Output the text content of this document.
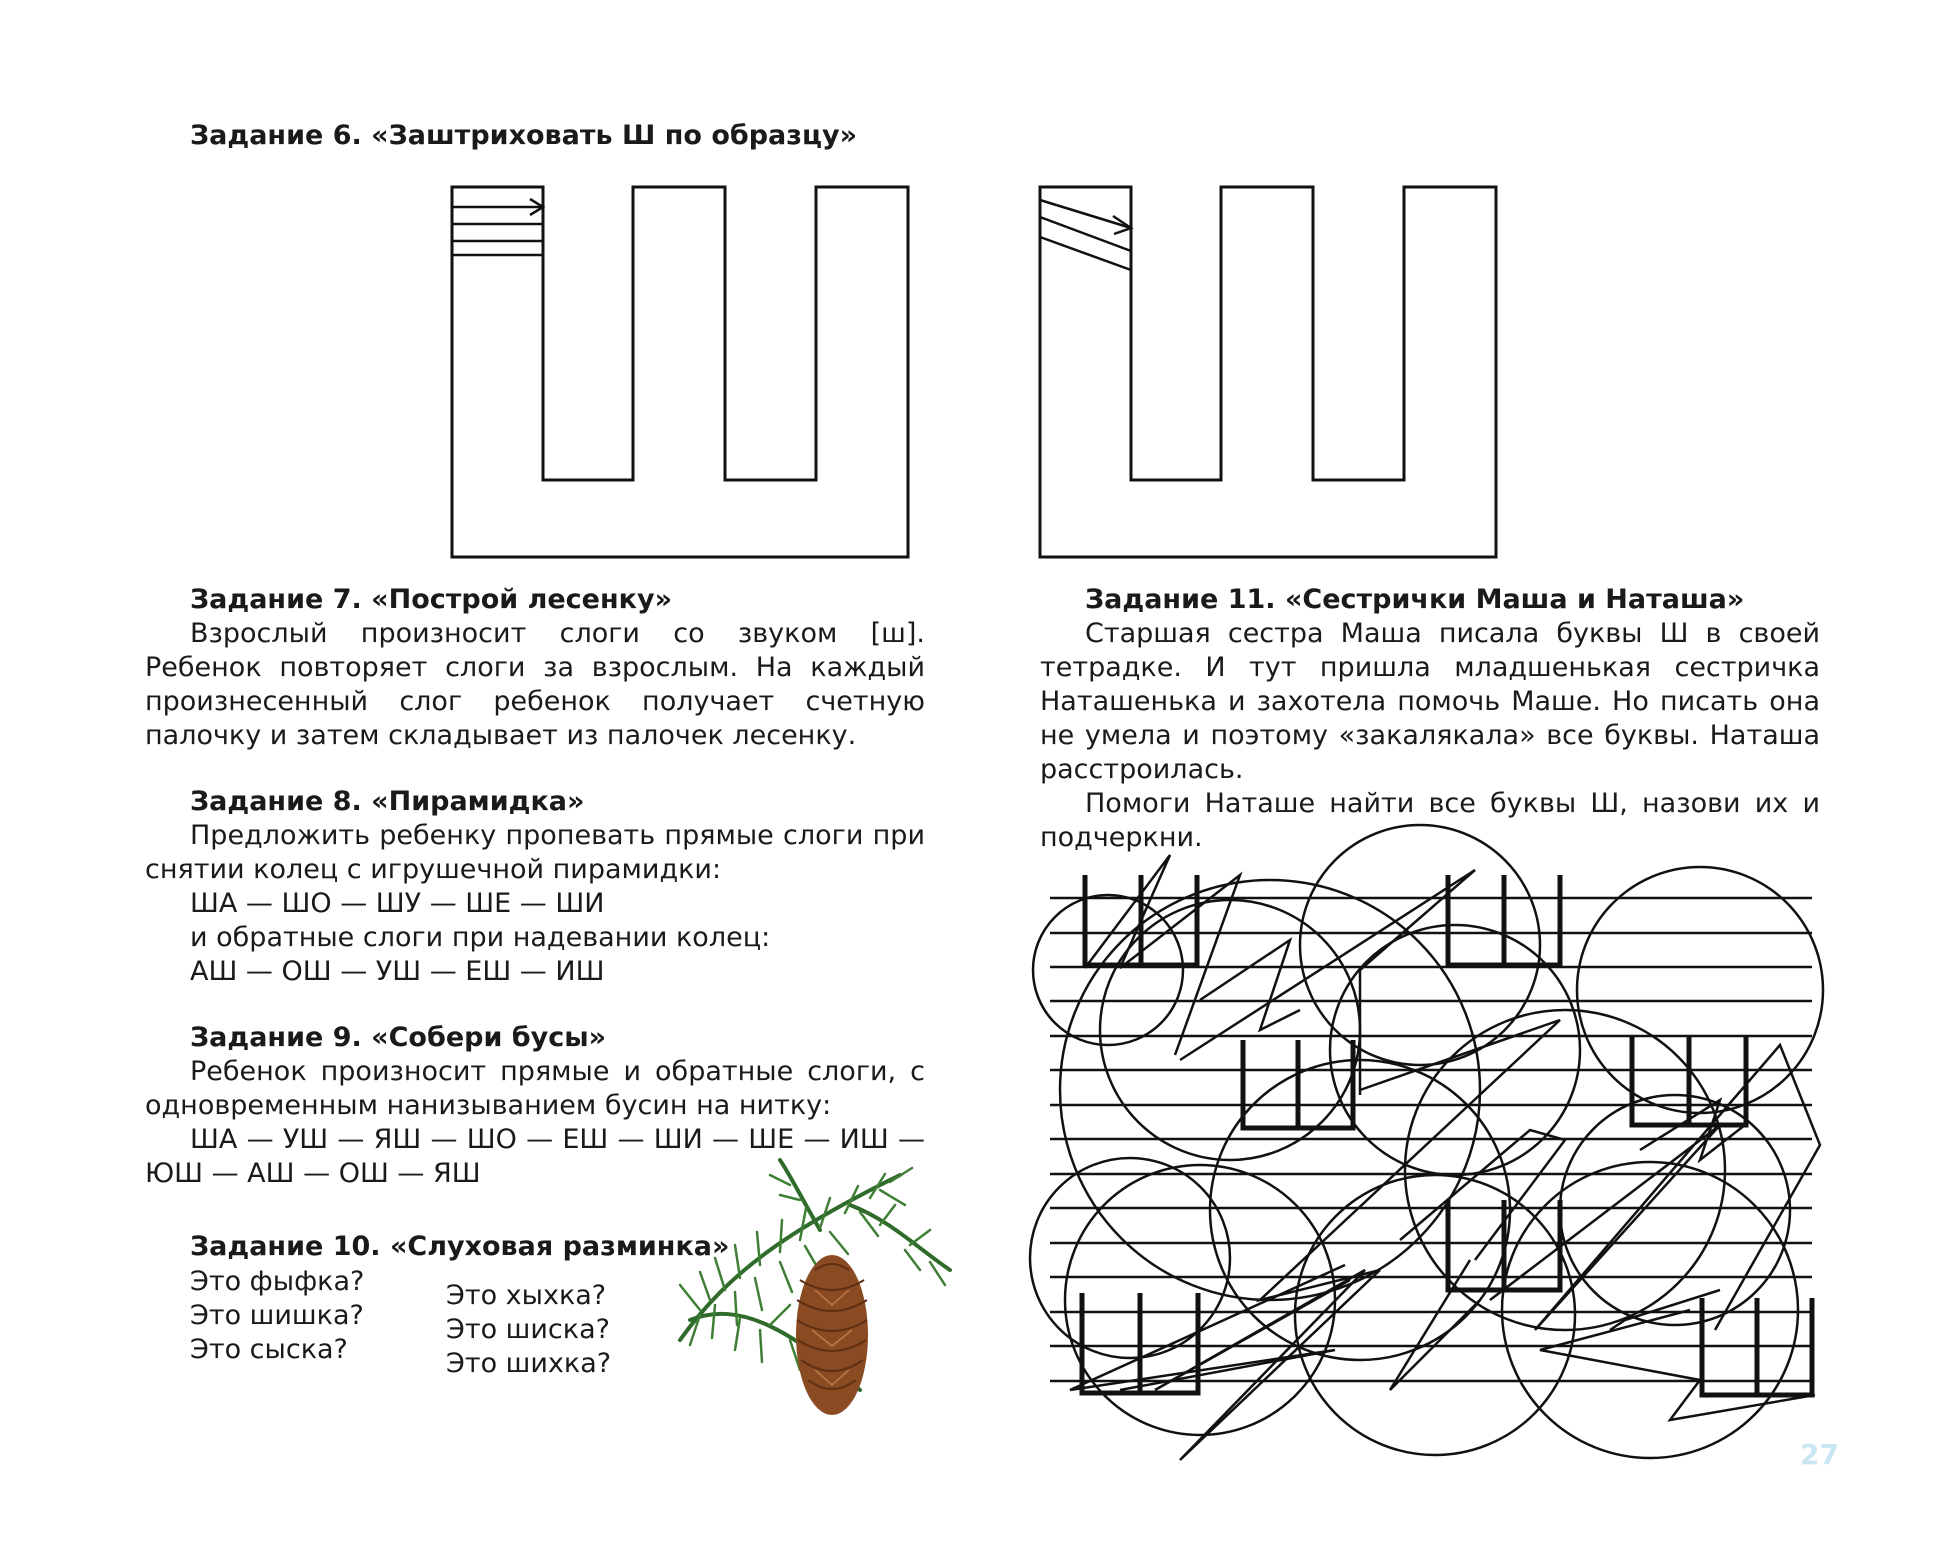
Задание 6. «Заштриховать Ш по образцу»
Задание 7. «Построй лесенку»

Взрослый произносит слоги со звуком [ш]. Ребенок повторяет слоги за взрослым. На каждый произнесенный слог ребенок получает счетную палочку и затем складывает из палочек лесенку.

Задание 8. «Пирамидка»

Предложить ребенку пропевать прямые слоги при снятии колец с игрушечной пирамидки:

ША — ШО — ШУ — ШЕ — ШИ
и обратные слоги при надевании колец:
АШ — ОШ — УШ — ЕШ — ИШ
Задание 9. «Собери бусы»

Ребенок произносит прямые и обратные слоги, с одновременным нанизыванием бусин на нитку:

ША — УШ — ЯШ — ШО — ЕШ — ШИ — ШЕ — ИШ — ЮШ — АШ — ОШ — ЯШ

Задание 10. «Слуховая разминка»
Это фыфка?
Это шишка?
Это сыска?
Это хыхка?
Это шиска?
Это шихка?
Задание 11. «Сестрички Маша и Наташа»

Старшая сестра Маша писала буквы Ш в своей тетрадке. И тут пришла младшенькая сестричка Наташенька и захотела помочь Маше. Но писать она не умела и поэтому «закалякала» все буквы. Наташа расстроилась.

Помоги Наташе найти все буквы Ш, назови их и подчеркни.

27
